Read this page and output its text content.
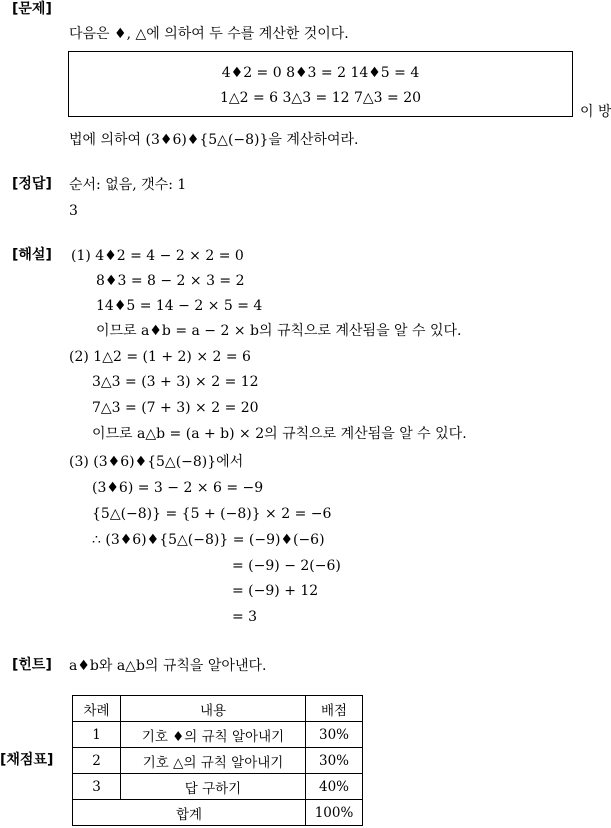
[문제]
다음은 ♦, △에 의하여 두 수를 계산한 것이다.
4♦2 = 0 8♦3 = 2 14♦5 = 4
1△2 = 6 3△3 = 12 7△3 = 20
이 방
법에 의하여 (3♦6)♦{5△(−8)}을 계산하여라.
[정답] 순서: 없음, 갯수: 1
3
[해설] (1) 4♦2 = 4 − 2 × 2 = 0
8♦3 = 8 − 2 × 3 = 2
14♦5 = 14 − 2 × 5 = 4
이므로 a♦b = a − 2 × b의 규칙으로 계산됨을 알 수 있다.
(2) 1△2 = (1 + 2) × 2 = 6
3△3 = (3 + 3) × 2 = 12
7△3 = (7 + 3) × 2 = 20
이므로 a△b = (a + b) × 2의 규칙으로 계산됨을 알 수 있다.
(3) (3♦6)♦{5△(−8)}에서
(3♦6) = 3 − 2 × 6 = −9
{5△(−8)} = {5 + (−8)} × 2 = −6
∴ (3♦6)♦{5△(−8)} = (−9)♦(−6)
= (−9) − 2(−6)
= (−9) + 12
= 3
[힌트] a♦b와 a△b의 규칙을 알아낸다.
[채점표]
차례	내용	배점
1	기호 ♦의 규칙 알아내기	30%
2	기호 △의 규칙 알아내기	30%
3	답 구하기	40%
합계		100%
